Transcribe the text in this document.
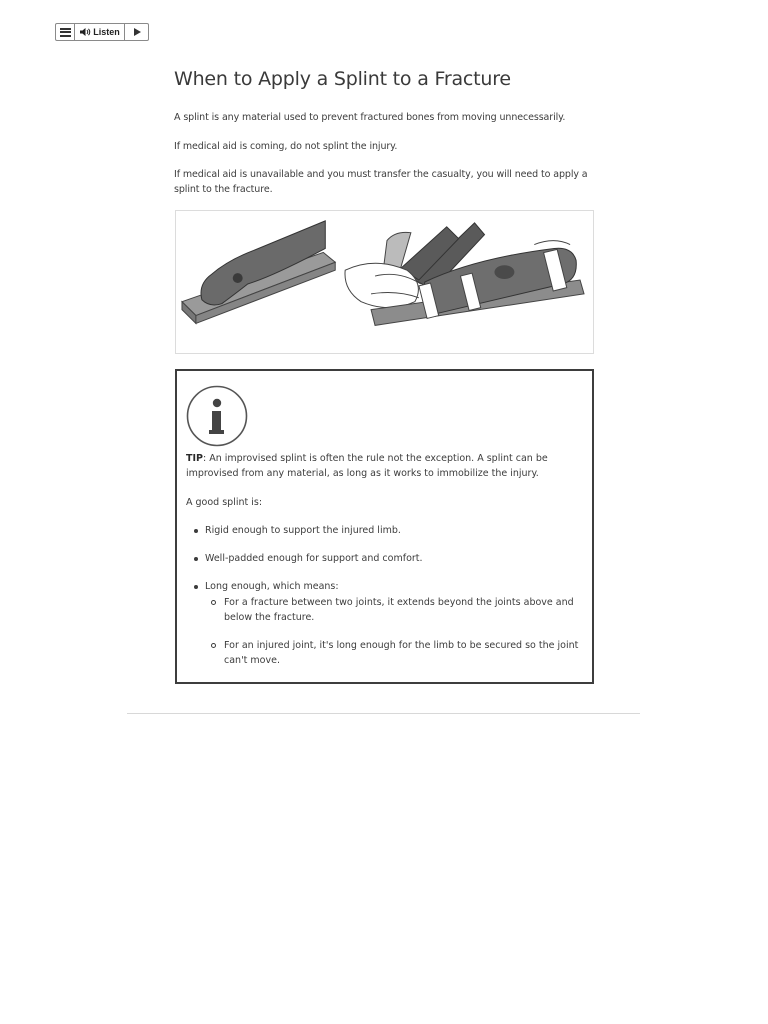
Listen
When to Apply a Splint to a Fracture

A splint is any material used to prevent fractured bones from moving unnecessarily.

If medical aid is coming, do not splint the injury.

If medical aid is unavailable and you must transfer the casualty, you will need to apply a splint to the fracture.

TIP: An improvised splint is often the rule not the exception. A splint can be improvised from any material, as long as it works to immobilize the injury.

A good splint is:

Rigid enough to support the injured limb.
Well-padded enough for support and comfort.
Long enough, which means:
For a fracture between two joints, it extends beyond the joints above and below the fracture.
For an injured joint, it's long enough for the limb to be secured so the joint can't move.
